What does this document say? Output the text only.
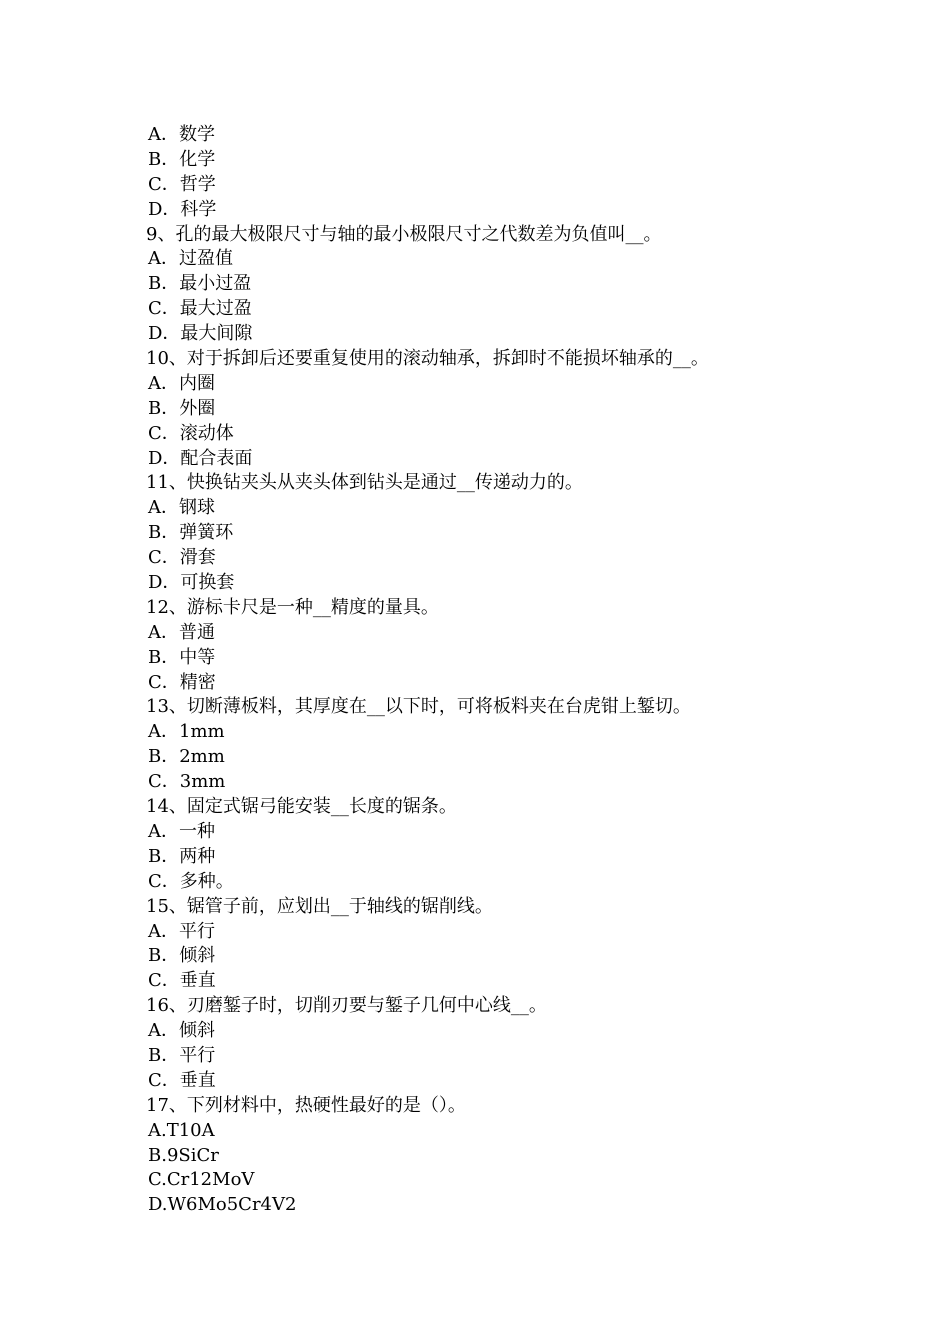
A．数学
B．化学
C．哲学
D．科学
9、孔的最大极限尺寸与轴的最小极限尺寸之代数差为负值叫__。
A．过盈值
B．最小过盈
C．最大过盈
D．最大间隙
10、对于拆卸后还要重复使用的滚动轴承，拆卸时不能损坏轴承的__。
A．内圈
B．外圈
C．滚动体
D．配合表面
11、快换钻夹头从夹头体到钻头是通过__传递动力的。
A．钢球
B．弹簧环
C．滑套
D．可换套
12、游标卡尺是一种__精度的量具。
A．普通
B．中等
C．精密
13、切断薄板料，其厚度在__以下时，可将板料夹在台虎钳上錾切。
A．1mm
B．2mm
C．3mm
14、固定式锯弓能安装__长度的锯条。
A．一种
B．两种
C．多种。
15、锯管子前，应划出__于轴线的锯削线。
A．平行
B．倾斜
C．垂直
16、刃磨錾子时，切削刃要与錾子几何中心线__。
A．倾斜
B．平行
C．垂直
17、下列材料中，热硬性最好的是（）。
A.T10A
B.9SiCr
C.Cr12MoV
D.W6Mo5Cr4V2
